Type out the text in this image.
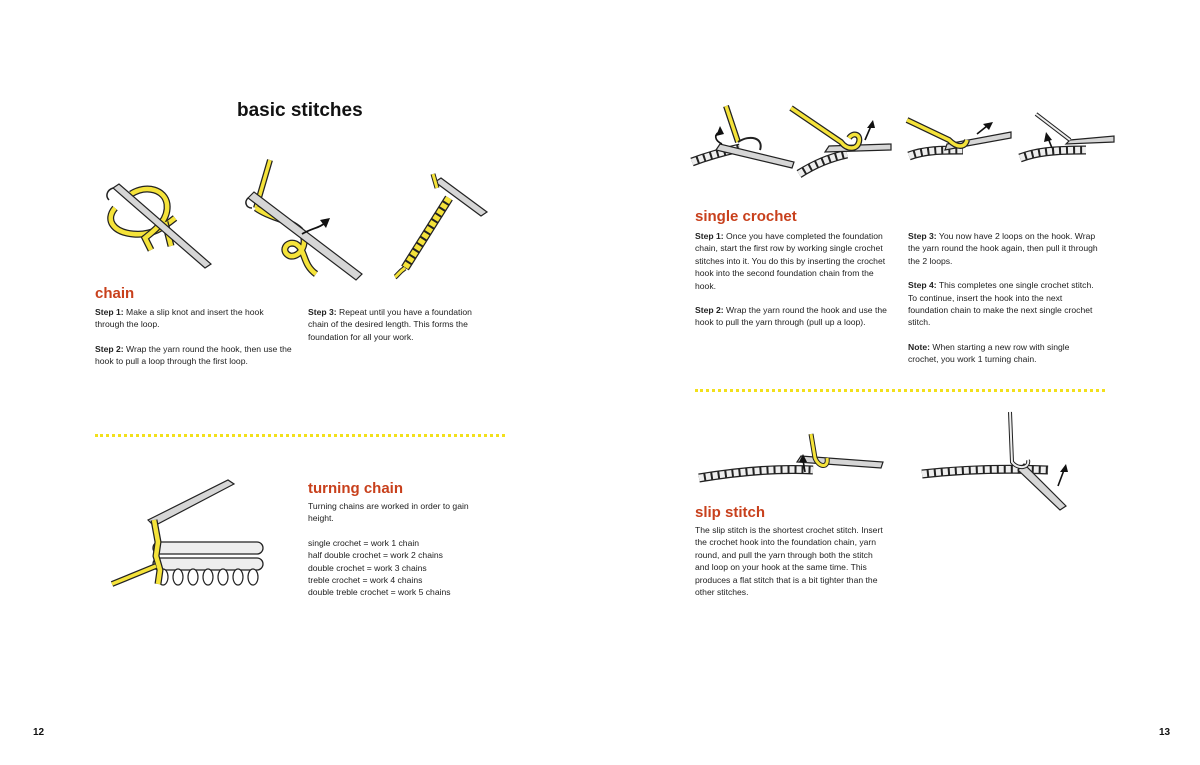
basic stitches
chain

Step 1: Make a slip knot and insert the hook through the loop.

Step 2: Wrap the yarn round the hook, then use the hook to pull a loop through the first loop.

Step 3: Repeat until you have a foundation chain of the desired length. This forms the foundation for all your work.

turning chain

Turning chains are worked in order to gain height.

single crochet = work 1 chain
half double crochet = work 2 chains
double crochet = work 3 chains
treble crochet = work 4 chains
double treble crochet = work 5 chains
12
single crochet

Step 1: Once you have completed the foundation chain, start the first row by working single crochet stitches into it. You do this by inserting the crochet hook into the second foundation chain from the hook.

Step 2: Wrap the yarn round the hook and use the hook to pull the yarn through (pull up a loop).

Step 3: You now have 2 loops on the hook. Wrap the yarn round the hook again, then pull it through the 2 loops.

Step 4: This completes one single crochet stitch. To continue, insert the hook into the next foundation chain to make the next single crochet stitch.

Note: When starting a new row with single crochet, you work 1 turning chain.

slip stitch
The slip stitch is the shortest crochet stitch. Insert the crochet hook into the foundation chain, yarn round, and pull the yarn through both the stitch and loop on your hook at the same time. This produces a flat stitch that is a bit tighter than the other stitches.
13
